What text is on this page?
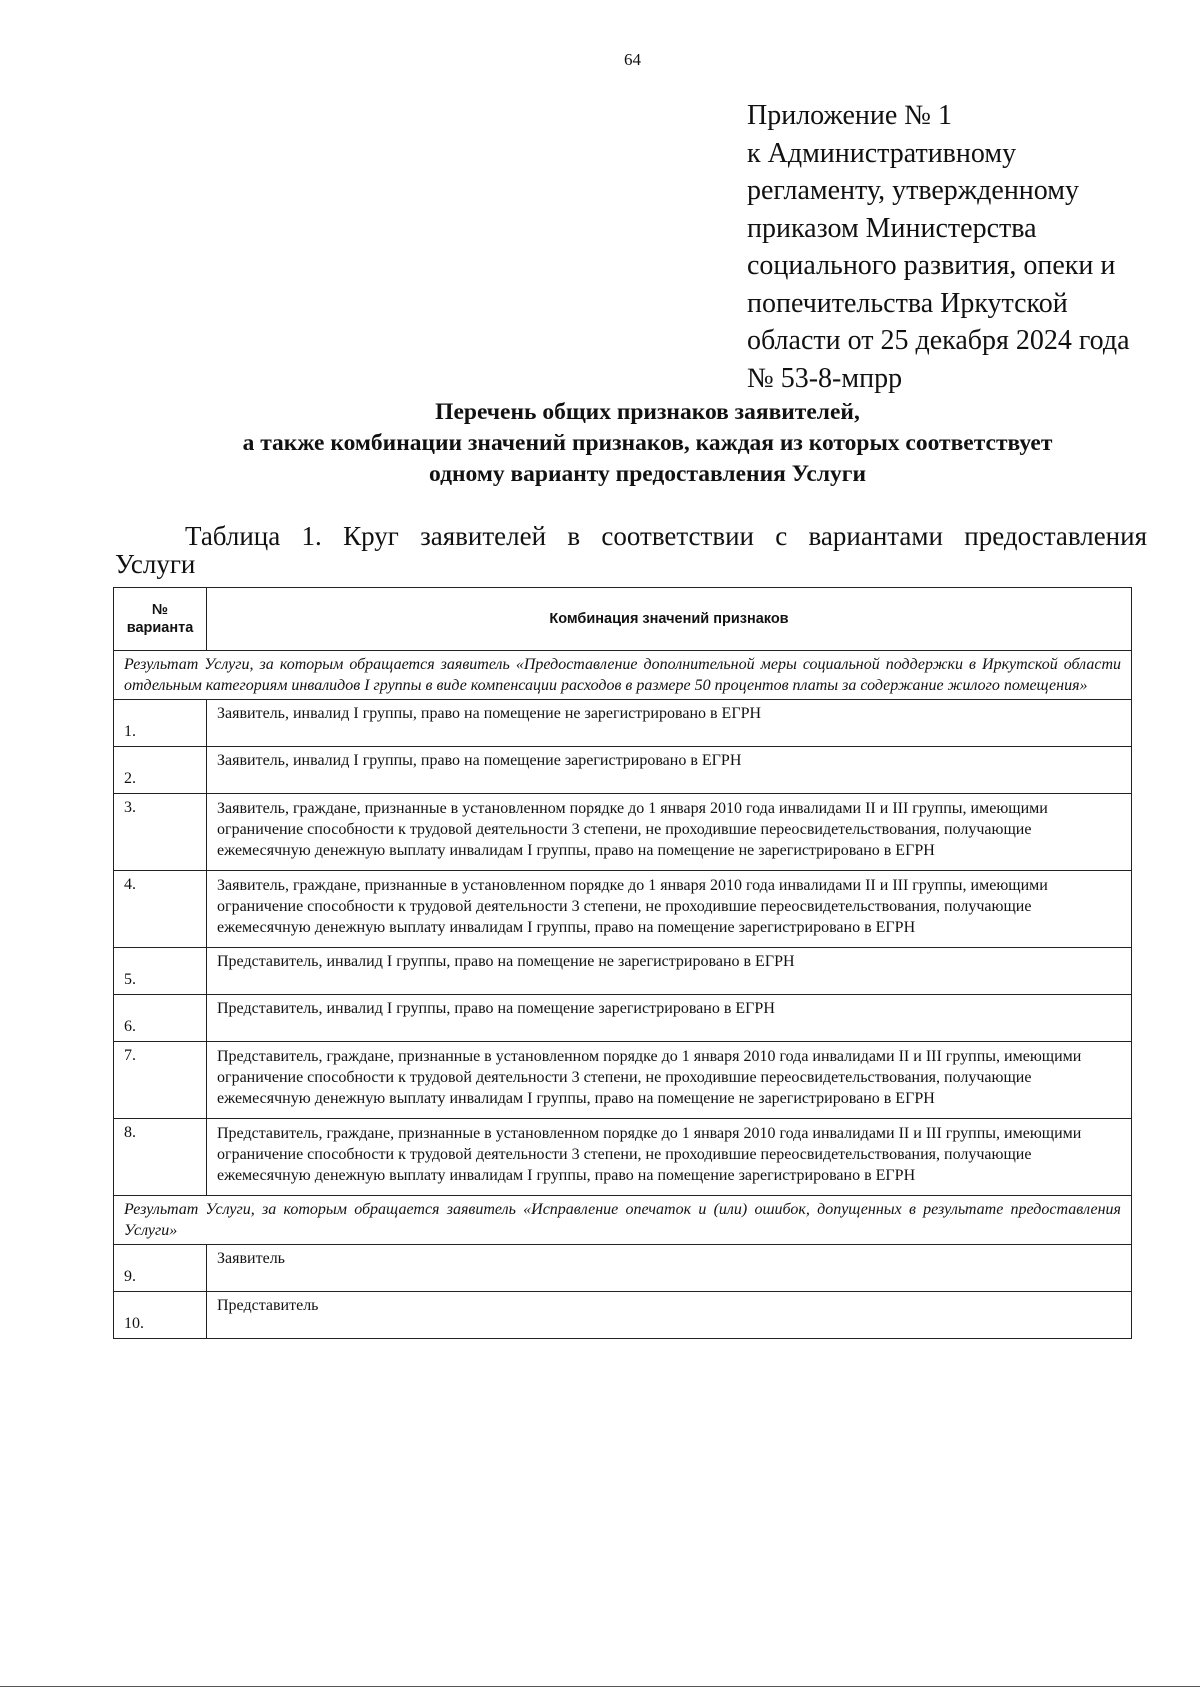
64
Приложение № 1
к Административному
регламенту, утвержденному
приказом Министерства
социального развития, опеки и
попечительства Иркутской
области от 25 декабря 2024 года
№ 53-8-мпрр
Перечень общих признаков заявителей,
а также комбинации значений признаков, каждая из которых соответствует
одному варианту предоставления Услуги
Таблица 1. Круг заявителей в соответствии с вариантами предоставления
Услуги
№ варианта	Комбинация значений признаков
Результат Услуги, за которым обращается заявитель «Предоставление дополнительной меры социальной поддержки в Иркутской области отдельным категориям инвалидов I группы в виде компенсации расходов в размере 50 процентов платы за содержание жилого помещения»	
1.	Заявитель, инвалид I группы, право на помещение не зарегистрировано в ЕГРН
2.	Заявитель, инвалид I группы, право на помещение зарегистрировано в ЕГРН
3.	Заявитель, граждане, признанные в установленном порядке до 1 января 2010 года инвалидами II и III группы, имеющими ограничение способности к трудовой деятельности 3 степени, не проходившие переосвидетельствования, получающие ежемесячную денежную выплату инвалидам I группы, право на помещение не зарегистрировано в ЕГРН
4.	Заявитель, граждане, признанные в установленном порядке до 1 января 2010 года инвалидами II и III группы, имеющими ограничение способности к трудовой деятельности 3 степени, не проходившие переосвидетельствования, получающие ежемесячную денежную выплату инвалидам I группы, право на помещение зарегистрировано в ЕГРН
5.	Представитель, инвалид I группы, право на помещение не зарегистрировано в ЕГРН
6.	Представитель, инвалид I группы, право на помещение зарегистрировано в ЕГРН
7.	Представитель, граждане, признанные в установленном порядке до 1 января 2010 года инвалидами II и III группы, имеющими ограничение способности к трудовой деятельности 3 степени, не проходившие переосвидетельствования, получающие ежемесячную денежную выплату инвалидам I группы, право на помещение не зарегистрировано в ЕГРН
8.	Представитель, граждане, признанные в установленном порядке до 1 января 2010 года инвалидами II и III группы, имеющими ограничение способности к трудовой деятельности 3 степени, не проходившие переосвидетельствования, получающие ежемесячную денежную выплату инвалидам I группы, право на помещение зарегистрировано в ЕГРН
Результат Услуги, за которым обращается заявитель «Исправление опечаток и (или) ошибок, допущенных в результате предоставления Услуги»	
9.	Заявитель
10.	Представитель
